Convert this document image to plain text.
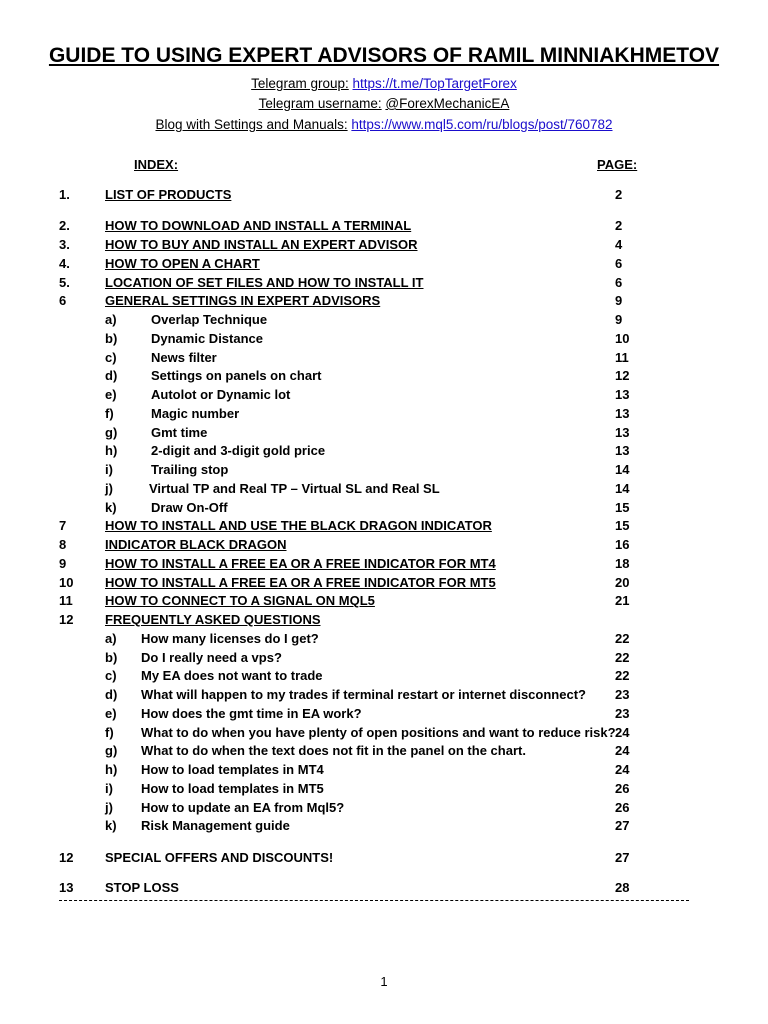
GUIDE TO USING EXPERT ADVISORS OF RAMIL MINNIAKHMETOV
Telegram group: https://t.me/TopTargetForex
Telegram username: @ForexMechanicEA
Blog with Settings and Manuals: https://www.mql5.com/ru/blogs/post/760782
INDEX:	PAGE:
1.	LIST OF PRODUCTS	2
2.	HOW TO DOWNLOAD AND INSTALL A TERMINAL	2
3.	HOW TO BUY AND INSTALL AN EXPERT ADVISOR	4
4.	HOW TO OPEN A CHART	6
5.	LOCATION OF SET FILES AND HOW TO INSTALL IT	6
6	GENERAL SETTINGS IN EXPERT ADVISORS	9
a)	Overlap Technique	9
b)	Dynamic Distance	10
c)	News filter	11
d)	Settings on panels on chart	12
e)	Autolot or Dynamic lot	13
f)	Magic number	13
g)	Gmt time	13
h)	2-digit and 3-digit gold price	13
i)	Trailing stop	14
j)	Virtual TP and Real TP – Virtual SL and Real SL	14
k)	Draw On-Off	15
7	HOW TO INSTALL AND USE THE BLACK DRAGON INDICATOR	15
8	INDICATOR BLACK DRAGON	16
9	HOW TO INSTALL A FREE EA OR A FREE INDICATOR FOR MT4	18
10 HOW TO INSTALL A FREE EA OR A FREE INDICATOR FOR MT5	20
11 HOW TO CONNECT TO A SIGNAL ON MQL5	21
12 FREQUENTLY ASKED QUESTIONS
a) How many licenses do I get?	22
b) Do I really need a vps?	22
c) My EA does not want to trade	22
d) What will happen to my trades if terminal restart or internet disconnect? 23
e) How does the gmt time in EA work?	23
f) What to do when you have plenty of open positions and want to reduce risk? 24
g) What to do when the text does not fit in the panel on the chart.	24
h) How to load templates in MT4	24
i) How to load templates in MT5	26
j) How to update an EA from Mql5?	26
k) Risk Management guide	27
12 SPECIAL OFFERS AND DISCOUNTS!	27
13 STOP LOSS	28
1
